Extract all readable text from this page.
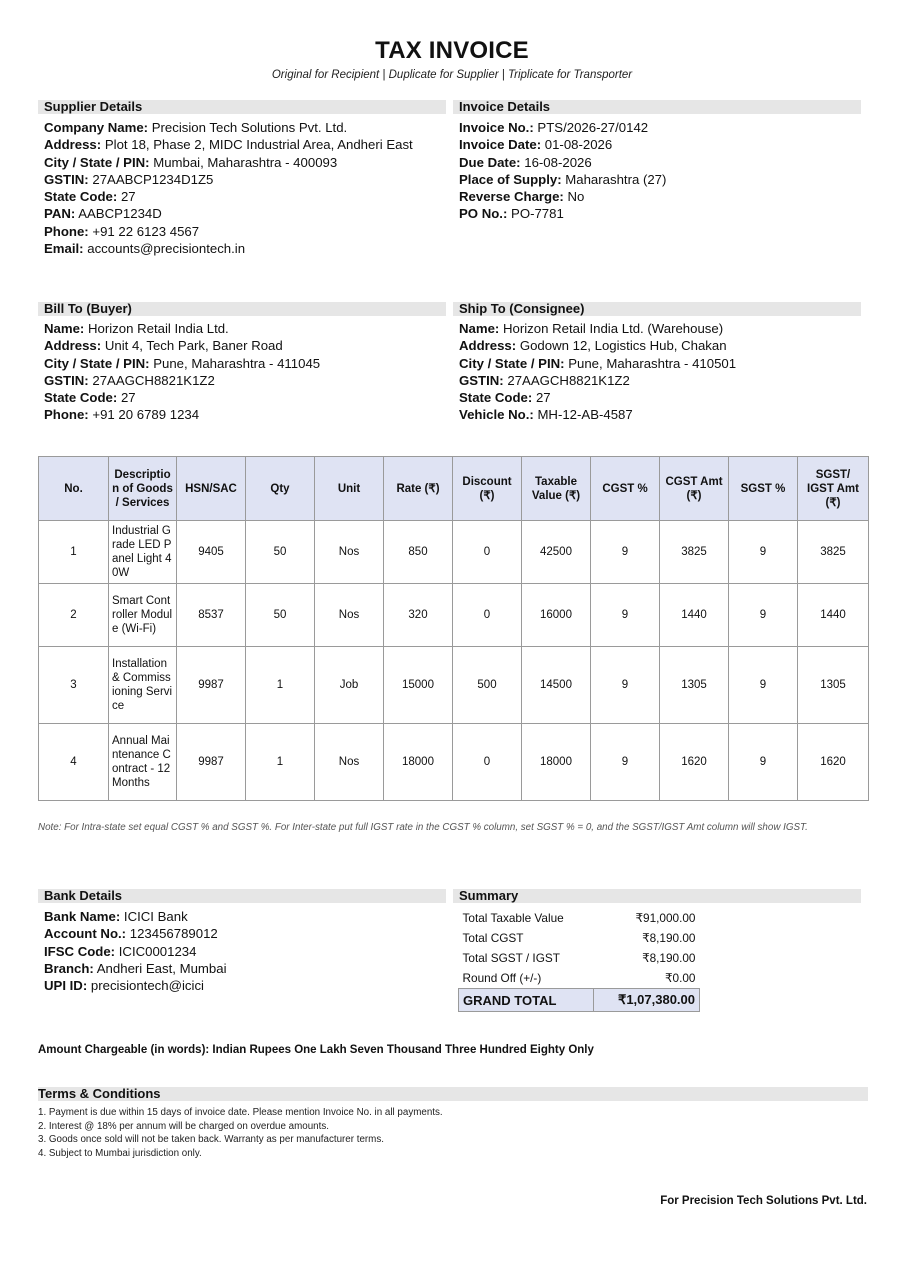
TAX INVOICE
Original for Recipient | Duplicate for Supplier | Triplicate for Transporter
Supplier Details
Company Name: Precision Tech Solutions Pvt. Ltd.
Address: Plot 18, Phase 2, MIDC Industrial Area, Andheri East
City / State / PIN: Mumbai, Maharashtra - 400093
GSTIN: 27AABCP1234D1Z5
State Code: 27
PAN: AABCP1234D
Phone: +91 22 6123 4567
Email: accounts@precisiontech.in
Invoice Details
Invoice No.: PTS/2026-27/0142
Invoice Date: 01-08-2026
Due Date: 16-08-2026
Place of Supply: Maharashtra (27)
Reverse Charge: No
PO No.: PO-7781
Bill To (Buyer)
Name: Horizon Retail India Ltd.
Address: Unit 4, Tech Park, Baner Road
City / State / PIN: Pune, Maharashtra - 411045
GSTIN: 27AAGCH8821K1Z2
State Code: 27
Phone: +91 20 6789 1234
Ship To (Consignee)
Name: Horizon Retail India Ltd. (Warehouse)
Address: Godown 12, Logistics Hub, Chakan
City / State / PIN: Pune, Maharashtra - 410501
GSTIN: 27AAGCH8821K1Z2
State Code: 27
Vehicle No.: MH-12-AB-4587
No.	Description of Goods / Services	HSN/SAC	Qty	Unit	Rate (₹)	Discount (₹)	Taxable Value (₹)	CGST %	CGST Amt (₹)	SGST %	SGST/ IGST Amt (₹)
1	Industrial Grade LED Panel Light 40W	9405	50	Nos	850	0	42500	9	3825	9	3825
2	Smart Controller Module (Wi-Fi)	8537	50	Nos	320	0	16000	9	1440	9	1440
3	Installation & Commissioning Service	9987	1	Job	15000	500	14500	9	1305	9	1305
4	Annual Maintenance Contract - 12 Months	9987	1	Nos	18000	0	18000	9	1620	9	1620
Note: For Intra-state set equal CGST % and SGST %. For Inter-state put full IGST rate in the CGST % column, set SGST % = 0, and the SGST/IGST Amt column will show IGST.
Bank Details
Bank Name: ICICI Bank
Account No.: 123456789012
IFSC Code: ICIC0001234
Branch: Andheri East, Mumbai
UPI ID: precisiontech@icici
Summary
Total Taxable Value	₹91,000.00
Total CGST	₹8,190.00
Total SGST / IGST	₹8,190.00
Round Off (+/-)	₹0.00
GRAND TOTAL	₹1,07,380.00
Amount Chargeable (in words): Indian Rupees One Lakh Seven Thousand Three Hundred Eighty Only
Terms & Conditions
1. Payment is due within 15 days of invoice date. Please mention Invoice No. in all payments.
2. Interest @ 18% per annum will be charged on overdue amounts.
3. Goods once sold will not be taken back. Warranty as per manufacturer terms.
4. Subject to Mumbai jurisdiction only.
For Precision Tech Solutions Pvt. Ltd.
